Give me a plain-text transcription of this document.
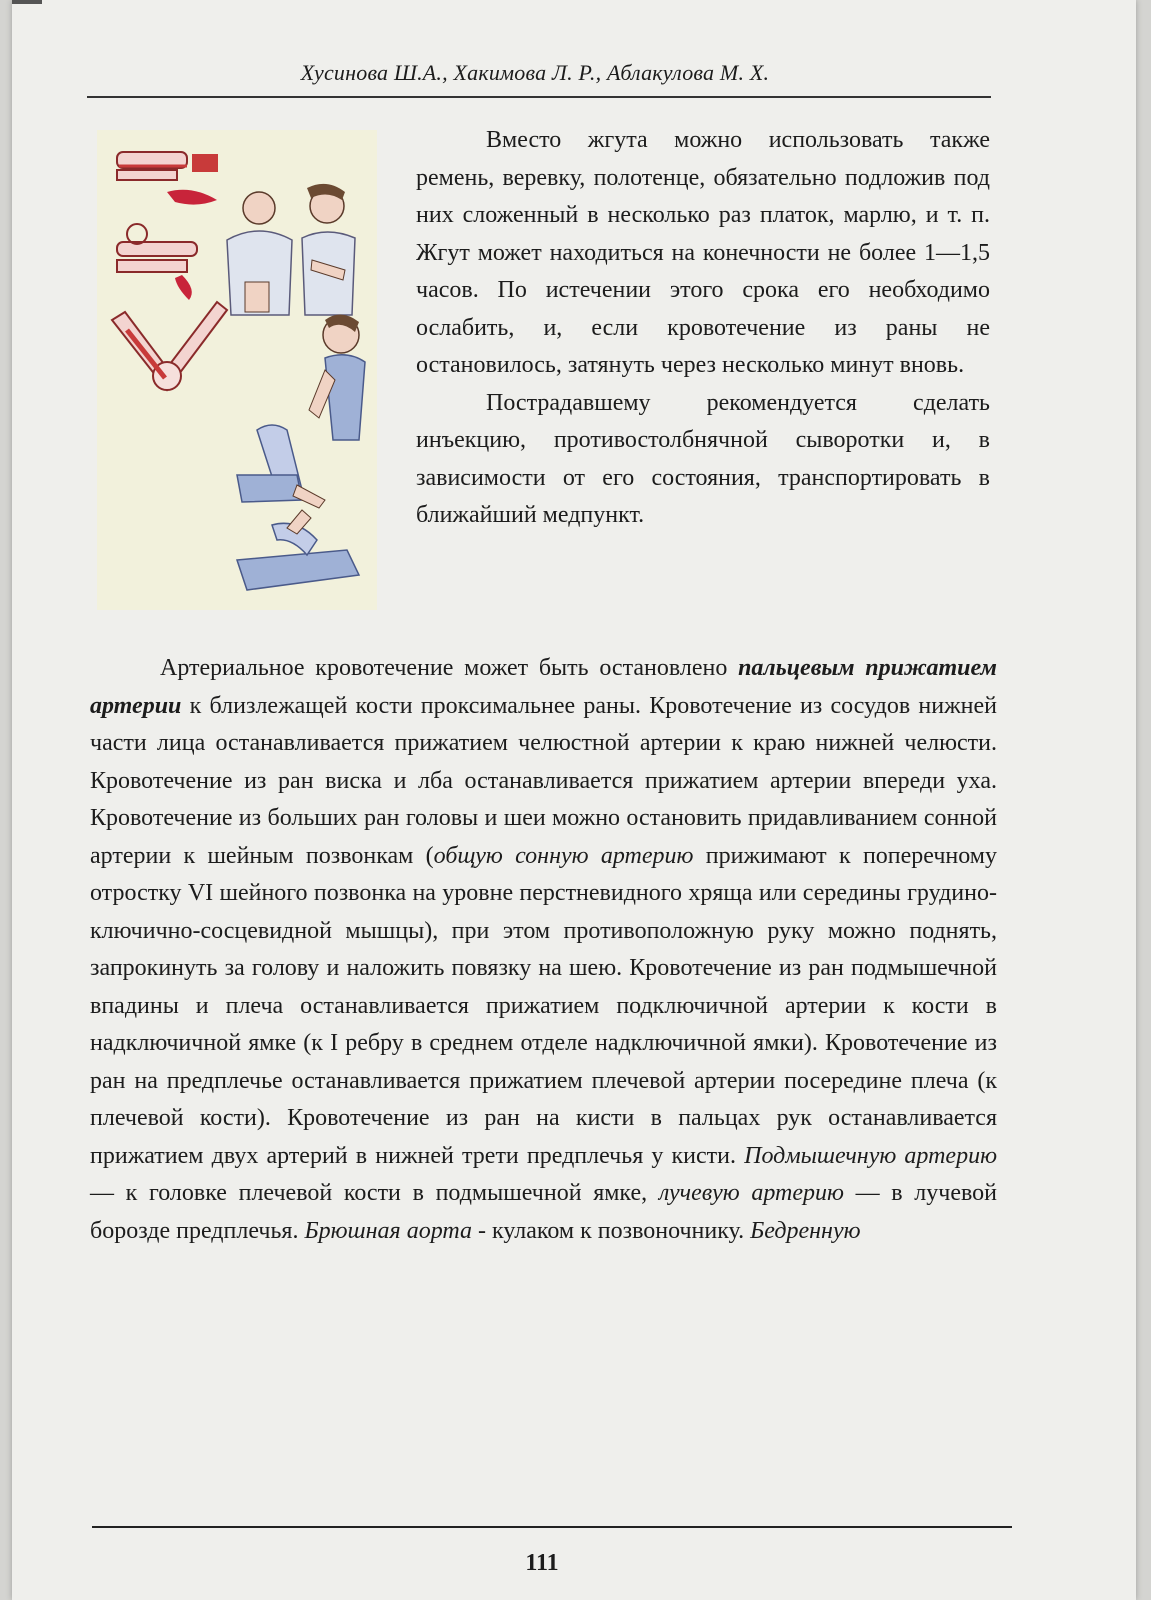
Хусинова Ш.А., Хакимова Л. Р., Аблакулова М. Х.

Вместо жгута можно использовать также ремень, веревку, полотенце, обязательно подложив под них сложенный в несколько раз платок, марлю, и т. п. Жгут может находиться на конечности не более 1—1,5 часов. По истечении этого срока его необходимо ослабить, и, если кровотечение из раны не остановилось, затянуть через несколько минут вновь.

Пострадавшему рекомендуется сделать инъекцию, противостолбнячной сыворотки и, в зависимости от его состояния, транспортировать в ближайший медпункт.

Артериальное кровотечение может быть остановлено пальцевым прижатием артерии к близлежащей кости проксимальнее раны. Кровотечение из сосудов нижней части лица останавливается прижатием челюстной артерии к краю нижней челюсти. Кровотечение из ран виска и лба останавливается прижатием артерии впереди уха. Кровотечение из больших ран головы и шеи можно остановить придавливанием сонной артерии к шейным позвонкам (общую сонную артерию прижимают к поперечному отростку VI шейного позвонка на уровне перстневидного хряща или середины грудино-ключично-сосцевидной мышцы), при этом противоположную руку можно поднять, запрокинуть за голову и наложить повязку на шею. Кровотечение из ран подмышечной впадины и плеча останавливается прижатием подключичной артерии к кости в надключичной ямке (к I ребру в среднем отделе надключичной ямки). Кровотечение из ран на предплечье останавливается прижатием плечевой артерии посередине плеча (к плечевой кости). Кровотечение из ран на кисти в пальцах рук останавливается прижатием двух артерий в нижней трети предплечья у кисти. Подмышечную артерию — к головке плечевой кости в подмышечной ямке, лучевую артерию — в лучевой борозде предплечья. Брюшная аорта - кулаком к позвоночнику. Бедренную

111
